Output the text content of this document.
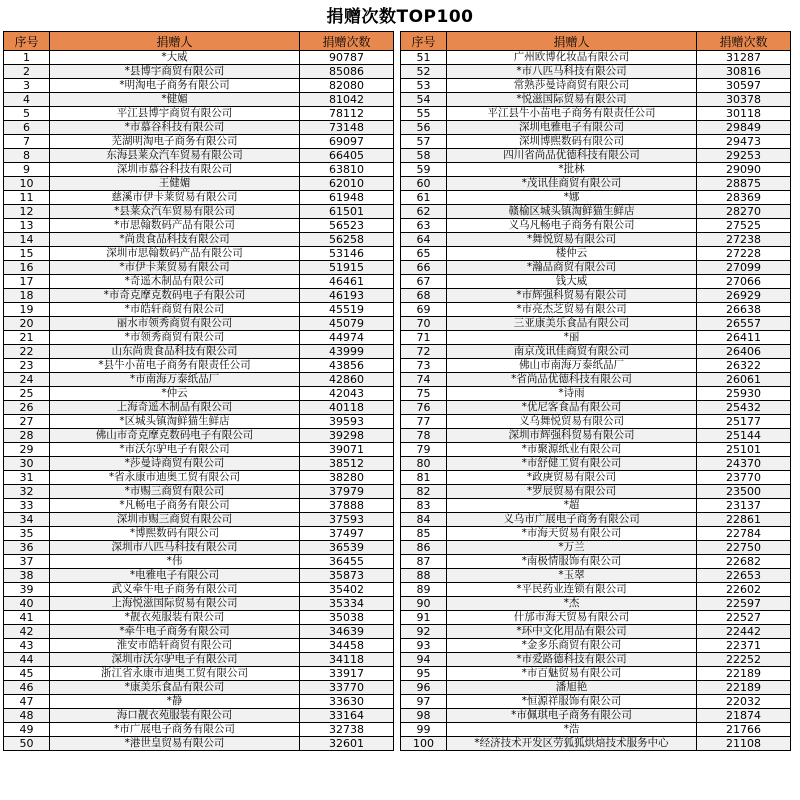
捐赠次数TOP100
序号	捐赠人	捐赠次数
1	*大威	90787
2	*县博宇商贸有限公司	85086
3	*明淘电子商务有限公司	82080
4	*健媚	81042
5	平江县博宇商贸有限公司	78112
6	*市慕谷科技有限公司	73148
7	芜湖明淘电子商务有限公司	69097
8	东海县莱众汽车贸易有限公司	66405
9	深圳市慕谷科技有限公司	63810
10	王健媚	62010
11	慈溪市伊卡莱贸易有限公司	61948
12	*县莱众汽车贸易有限公司	61501
13	*市思翰数码产品有限公司	56523
14	*尚贵食品科技有限公司	56258
15	深圳市思翰数码产品有限公司	53146
16	*市伊卡莱贸易有限公司	51915
17	*奇遥木制品有限公司	46461
18	*市奇克摩克数码电子有限公司	46193
19	*市皓轩商贸有限公司	45519
20	丽水市领秀商贸有限公司	45079
21	*市领秀商贸有限公司	44974
22	山东尚贵食品科技有限公司	43999
23	*县牛小苗电子商务有限责任公司	43856
24	*市南海万泰纸品厂	42860
25	*仲云	42043
26	上海奇遥木制品有限公司	40118
27	*区城头镇淘鲜猫生鲜店	39593
28	佛山市奇克摩克数码电子有限公司	39298
29	*市沃尔驴电子有限公司	39071
30	*莎曼诗商贸有限公司	38512
31	*省永康市迪奥工贸有限公司	38280
32	*市赐三商贸有限公司	37979
33	*凡畅电子商务有限公司	37888
34	深圳市赐三商贸有限公司	37593
35	*博熙数码有限公司	37497
36	深圳市八匹马科技有限公司	36539
37	*伟	36455
38	*电雅电子有限公司	35873
39	武义牵牛电子商务有限公司	35402
40	上海悦滋国际贸易有限公司	35334
41	*靓衣苑服装有限公司	35038
42	*牵牛电子商务有限公司	34639
43	淮安市皓轩商贸有限公司	34458
44	深圳市沃尔驴电子有限公司	34118
45	浙江省永康市迪奥工贸有限公司	33917
46	*康美乐食品有限公司	33770
47	*静	33630
48	海口靓衣苑服装有限公司	33164
49	*市广展电子商务有限公司	32738
50	*港世皇贸易有限公司	32601
序号	捐赠人	捐赠次数
51	广州欧博化妆品有限公司	31287
52	*市八匹马科技有限公司	30816
53	常熟莎曼诗商贸有限公司	30597
54	*悦滋国际贸易有限公司	30378
55	平江县牛小苗电子商务有限责任公司	30118
56	深圳电雅电子有限公司	29849
57	深圳博熙数码有限公司	29473
58	四川省尚品优德科技有限公司	29253
59	*批林	29090
60	*茂讯佳商贸有限公司	28875
61	*娜	28369
62	赣榆区城头镇淘鲜猫生鲜店	28270
63	义乌凡畅电子商务有限公司	27525
64	*舞悦贸易有限公司	27238
65	楼仲云	27228
66	*瀚品商贸有限公司	27099
67	钱大威	27066
68	*市辉强科贸易有限公司	26929
69	*市亮杰芝贸易有限公司	26638
70	三亚康美乐食品有限公司	26557
71	*丽	26411
72	南京茂讯佳商贸有限公司	26406
73	佛山市南海万泰纸品厂	26322
74	*省尚品优德科技有限公司	26061
75	*诗雨	25930
76	*优尼客食品有限公司	25432
77	义乌舞悦贸易有限公司	25177
78	深圳市辉强科贸易有限公司	25144
79	*市聚源纸业有限公司	25101
80	*市舒健工贸有限公司	24370
81	*政庚贸易有限公司	23770
82	*罗辰贸易有限公司	23500
83	*超	23137
84	义乌市广展电子商务有限公司	22861
85	*市海天贸易有限公司	22784
86	*万兰	22750
87	*南极情服饰有限公司	22682
88	*玉翠	22653
89	*平民药业连锁有限公司	22602
90	*杰	22597
91	什邡市海天贸易有限公司	22527
92	*环中文化用品有限公司	22442
93	*金多乐商贸有限公司	22371
94	*市爱路德科技有限公司	22252
95	*市百魅贸易有限公司	22189
96	潘旭艳	22189
97	*恒源祥服饰有限公司	22032
98	*市佩琪电子商务有限公司	21874
99	*浩	21766
100	*经济技术开发区劳狐狐烘焙技术服务中心	21108
